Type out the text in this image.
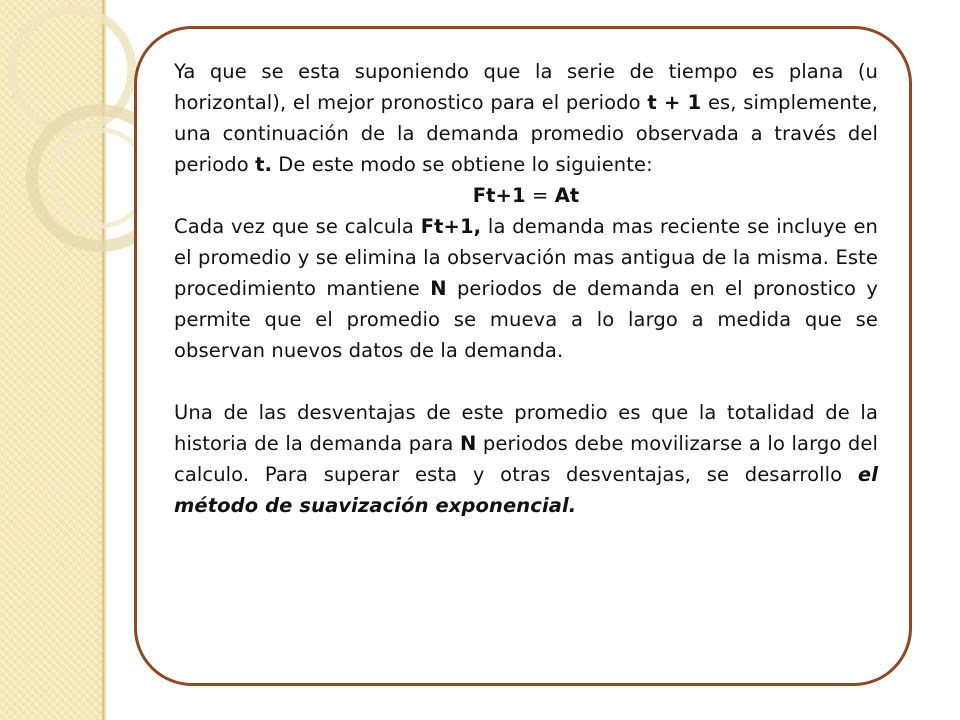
Ya que se esta suponiendo que la serie de tiempo es plana (u horizontal), el mejor pronostico para el periodo t + 1 es, simplemente, una continuación de la demanda promedio observada a través del periodo t. De este modo se obtiene lo siguiente:

Ft+1 = At

Cada vez que se calcula Ft+1, la demanda mas reciente se incluye en el promedio y se elimina la observación mas antigua de la misma. Este procedimiento mantiene N periodos de demanda en el pronostico y permite que el promedio se mueva a lo largo a medida que se observan nuevos datos de la demanda.

Una de las desventajas de este promedio es que la totalidad de la historia de la demanda para N periodos debe movilizarse a lo largo del calculo. Para superar esta y otras desventajas, se desarrollo el método de suavización exponencial.
